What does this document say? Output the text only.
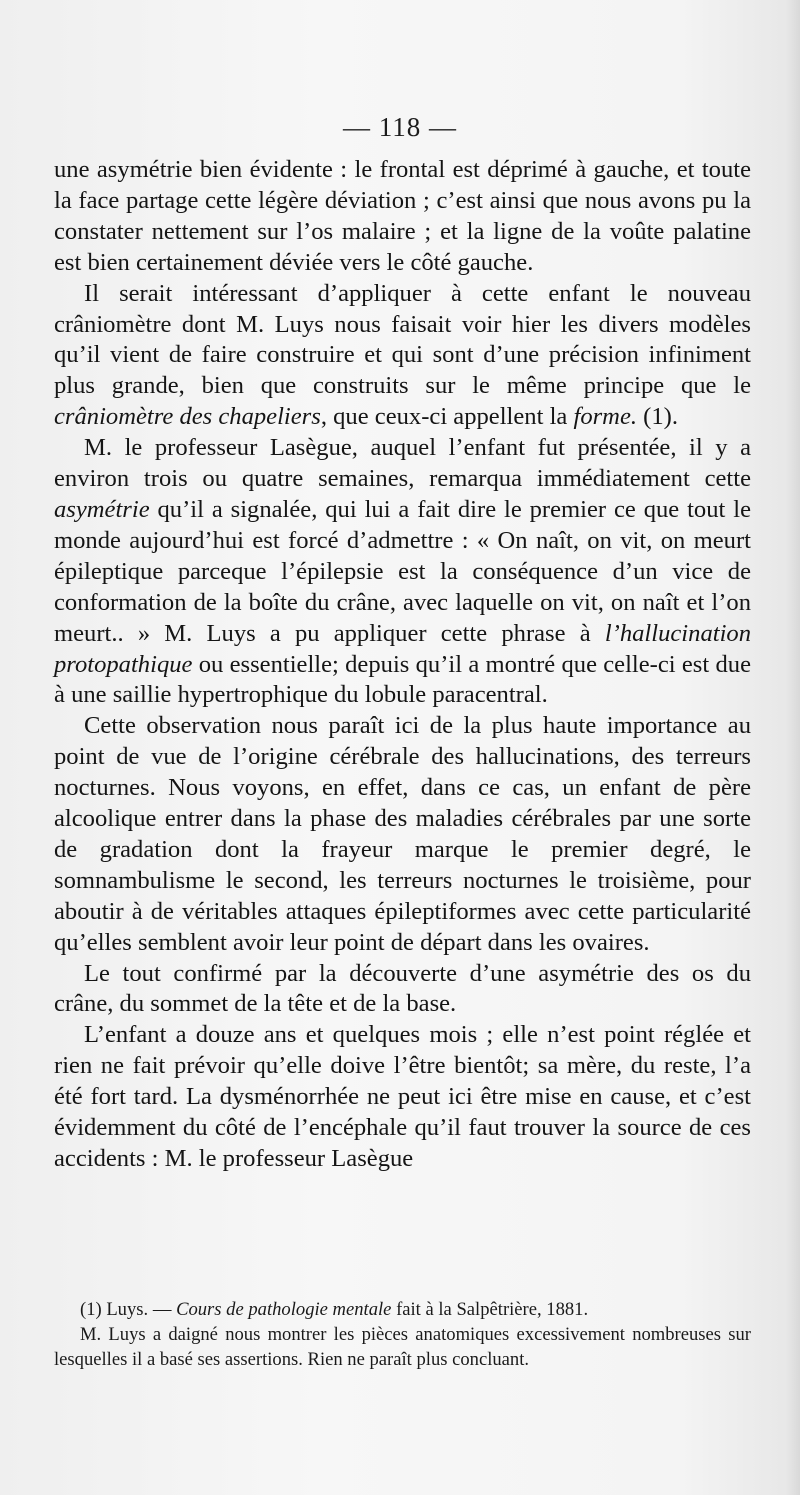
— 118 —

une asymétrie bien évidente : le frontal est déprimé à gauche, et toute la face partage cette légère déviation ; c’est ainsi que nous avons pu la constater nettement sur l’os malaire ; et la ligne de la voûte palatine est bien certainement déviée vers le côté gauche.

Il serait intéressant d’appliquer à cette enfant le nouveau crâniomètre dont M. Luys nous faisait voir hier les divers modèles qu’il vient de faire construire et qui sont d’une précision infiniment plus grande, bien que construits sur le même principe que le crâniomètre des chapeliers, que ceux-ci appellent la forme. (1).

M. le professeur Lasègue, auquel l’enfant fut présentée, il y a environ trois ou quatre semaines, remarqua immédiatement cette asymétrie qu’il a signalée, qui lui a fait dire le premier ce que tout le monde aujourd’hui est forcé d’admettre : « On naît, on vit, on meurt épileptique parceque l’épilepsie est la conséquence d’un vice de conformation de la boîte du crâne, avec laquelle on vit, on naît et l’on meurt.. » M. Luys a pu appliquer cette phrase à l’hallucination protopathique ou essentielle; depuis qu’il a montré que celle-ci est due à une saillie hypertrophique du lobule paracentral.

Cette observation nous paraît ici de la plus haute importance au point de vue de l’origine cérébrale des hallucinations, des terreurs nocturnes. Nous voyons, en effet, dans ce cas, un enfant de père alcoolique entrer dans la phase des maladies cérébrales par une sorte de gradation dont la frayeur marque le premier degré, le somnambulisme le second, les terreurs nocturnes le troisième, pour aboutir à de véritables attaques épileptiformes avec cette particularité qu’elles semblent avoir leur point de départ dans les ovaires.

Le tout confirmé par la découverte d’une asymétrie des os du crâne, du sommet de la tête et de la base.

L’enfant a douze ans et quelques mois ; elle n’est point réglée et rien ne fait prévoir qu’elle doive l’être bientôt; sa mère, du reste, l’a été fort tard. La dysménorrhée ne peut ici être mise en cause, et c’est évidemment du côté de l’encéphale qu’il faut trouver la source de ces accidents : M. le professeur Lasègue

(1) Luys. — Cours de pathologie mentale fait à la Salpêtrière, 1881.

M. Luys a daigné nous montrer les pièces anatomiques excessivement nombreuses sur lesquelles il a basé ses assertions. Rien ne paraît plus concluant.
